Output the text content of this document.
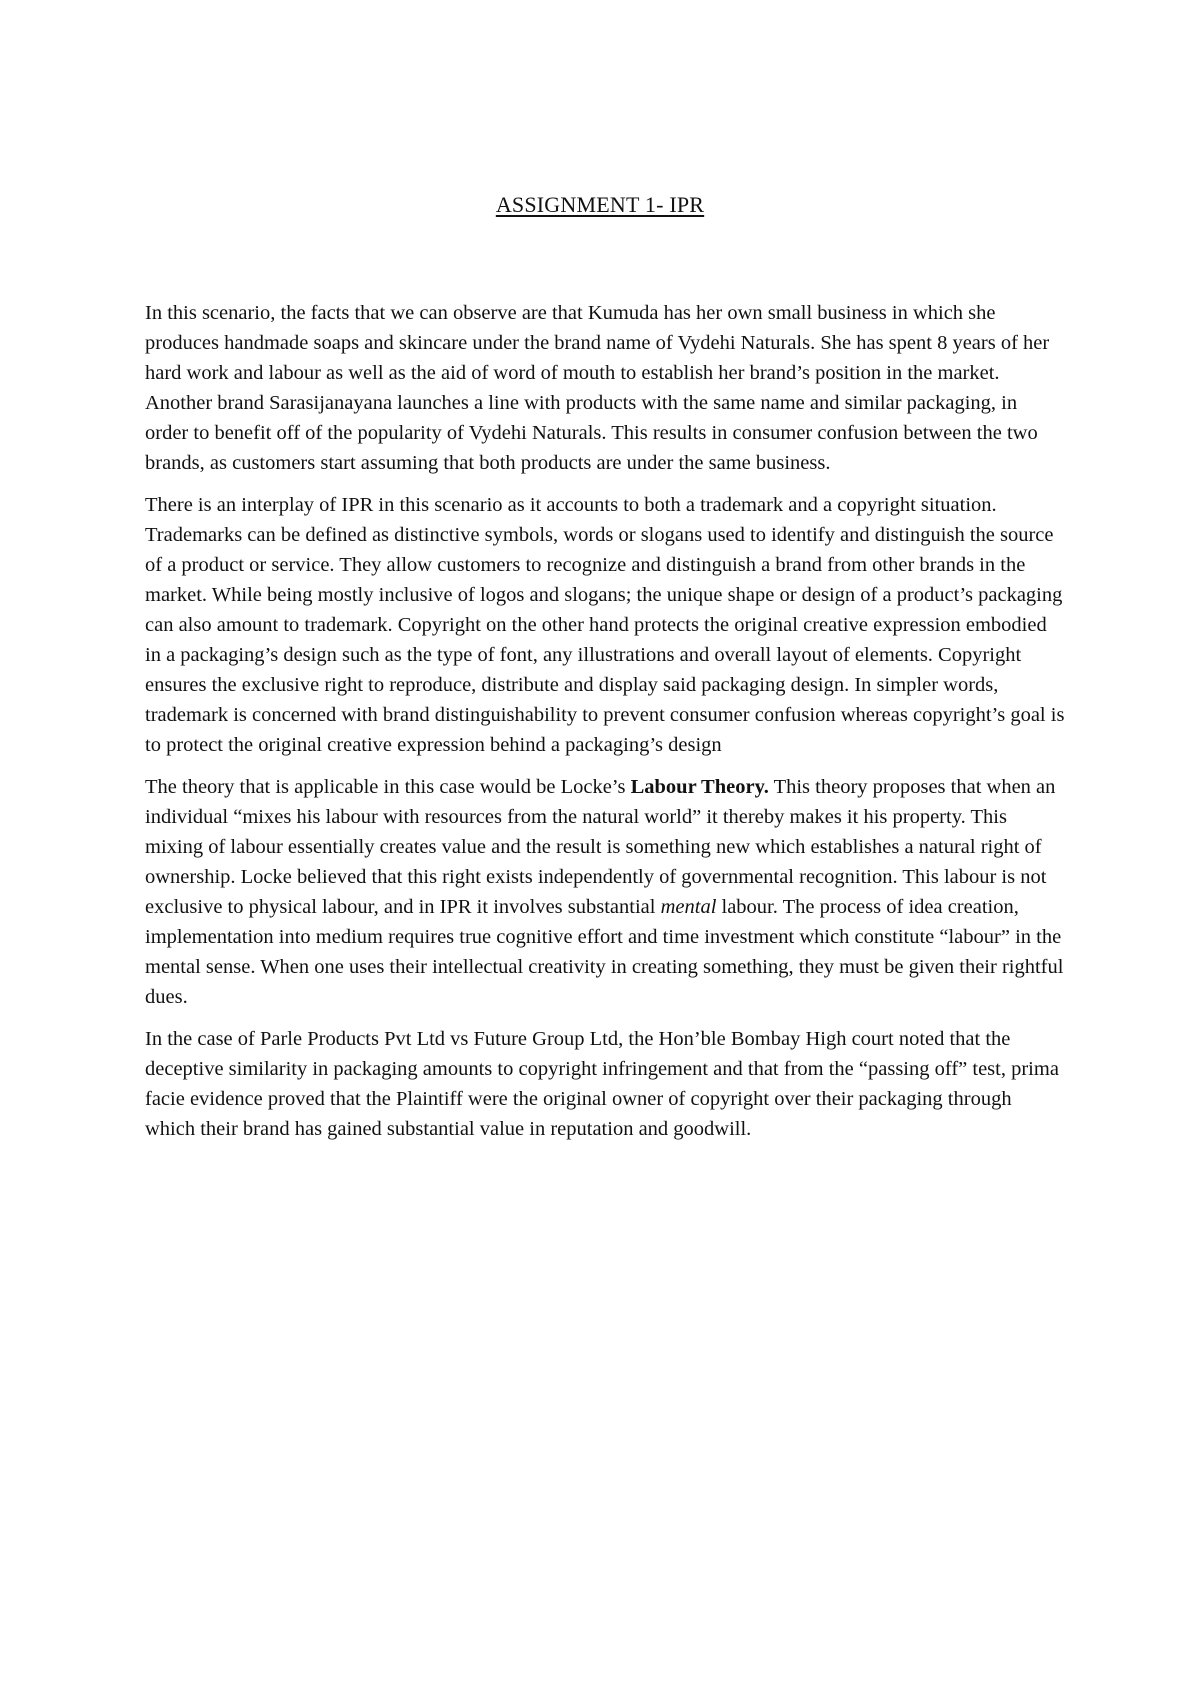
ASSIGNMENT 1- IPR

In this scenario, the facts that we can observe are that Kumuda has her own small business in which she produces handmade soaps and skincare under the brand name of Vydehi Naturals. She has spent 8 years of her hard work and labour as well as the aid of word of mouth to establish her brand’s position in the market. Another brand Sarasijanayana launches a line with products with the same name and similar packaging, in order to benefit off of the popularity of Vydehi Naturals. This results in consumer confusion between the two brands, as customers start assuming that both products are under the same business.

There is an interplay of IPR in this scenario as it accounts to both a trademark and a copyright situation. Trademarks can be defined as distinctive symbols, words or slogans used to identify and distinguish the source of a product or service. They allow customers to recognize and distinguish a brand from other brands in the market. While being mostly inclusive of logos and slogans; the unique shape or design of a product’s packaging can also amount to trademark. Copyright on the other hand protects the original creative expression embodied in a packaging’s design such as the type of font, any illustrations and overall layout of elements. Copyright ensures the exclusive right to reproduce, distribute and display said packaging design. In simpler words, trademark is concerned with brand distinguishability to prevent consumer confusion whereas copyright’s goal is to protect the original creative expression behind a packaging’s design

The theory that is applicable in this case would be Locke’s Labour Theory. This theory proposes that when an individual “mixes his labour with resources from the natural world” it thereby makes it his property. This mixing of labour essentially creates value and the result is something new which establishes a natural right of ownership. Locke believed that this right exists independently of governmental recognition. This labour is not exclusive to physical labour, and in IPR it involves substantial mental labour. The process of idea creation, implementation into medium requires true cognitive effort and time investment which constitute “labour” in the mental sense. When one uses their intellectual creativity in creating something, they must be given their rightful dues.

In the case of Parle Products Pvt Ltd vs Future Group Ltd, the Hon’ble Bombay High court noted that the deceptive similarity in packaging amounts to copyright infringement and that from the “passing off” test, prima facie evidence proved that the Plaintiff were the original owner of copyright over their packaging through which their brand has gained substantial value in reputation and goodwill.
